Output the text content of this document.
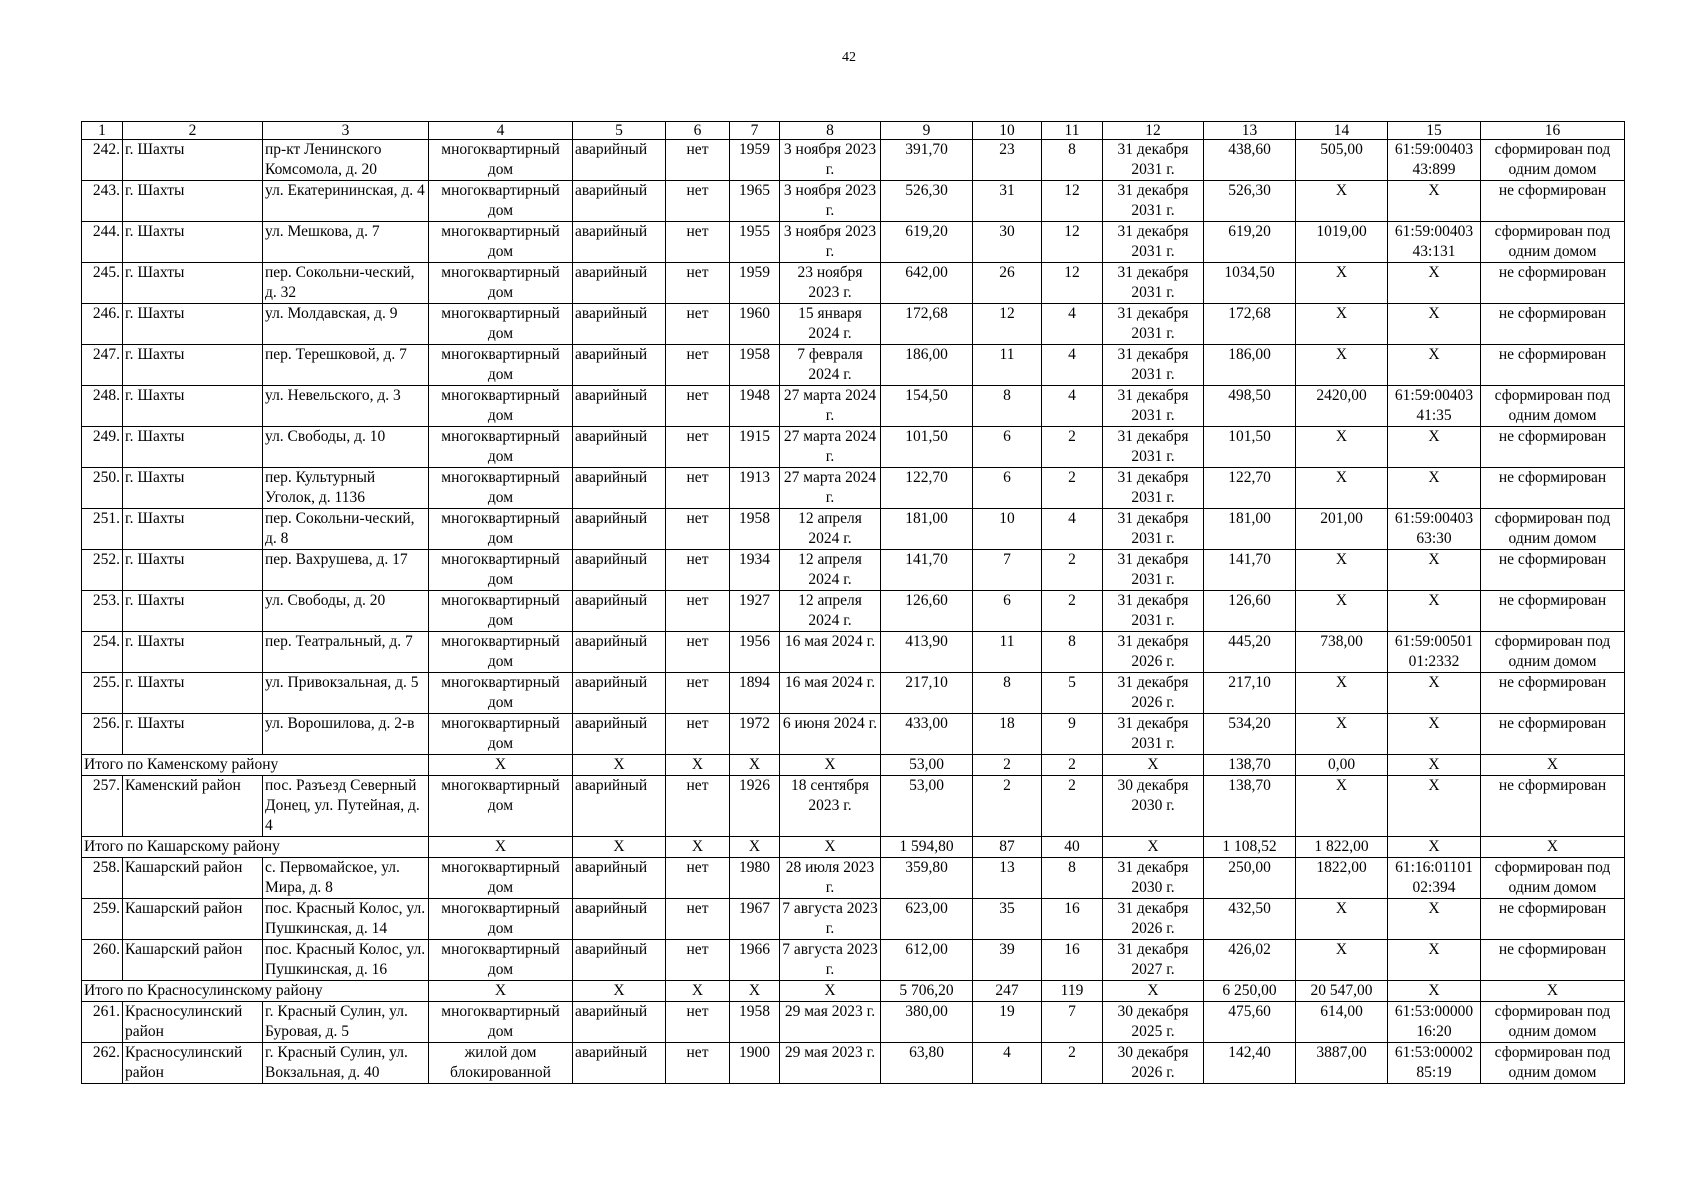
42
1	2	3	4	5	6	7	8	9	10	11	12	13	14	15	16
242.	г. Шахты	пр-кт Ленинского Комсомола, д. 20	многоквартирный дом	аварийный	нет	1959	3 ноября 2023 г.	391,70	23	8	31 декабря 2031 г.	438,60	505,00	61:59:00403 43:899	сформирован под одним домом
243.	г. Шахты	ул. Екатерининская, д. 4	многоквартирный дом	аварийный	нет	1965	3 ноября 2023 г.	526,30	31	12	31 декабря 2031 г.	526,30	X	X	не сформирован
244.	г. Шахты	ул. Мешкова, д. 7	многоквартирный дом	аварийный	нет	1955	3 ноября 2023 г.	619,20	30	12	31 декабря 2031 г.	619,20	1019,00	61:59:00403 43:131	сформирован под одним домом
245.	г. Шахты	пер. Сокольни-ческий, д. 32	многоквартирный дом	аварийный	нет	1959	23 ноября 2023 г.	642,00	26	12	31 декабря 2031 г.	1034,50	X	X	не сформирован
246.	г. Шахты	ул. Молдавская, д. 9	многоквартирный дом	аварийный	нет	1960	15 января 2024 г.	172,68	12	4	31 декабря 2031 г.	172,68	X	X	не сформирован
247.	г. Шахты	пер. Терешковой, д. 7	многоквартирный дом	аварийный	нет	1958	7 февраля 2024 г.	186,00	11	4	31 декабря 2031 г.	186,00	X	X	не сформирован
248.	г. Шахты	ул. Невельского, д. 3	многоквартирный дом	аварийный	нет	1948	27 марта 2024 г.	154,50	8	4	31 декабря 2031 г.	498,50	2420,00	61:59:00403 41:35	сформирован под одним домом
249.	г. Шахты	ул. Свободы, д. 10	многоквартирный дом	аварийный	нет	1915	27 марта 2024 г.	101,50	6	2	31 декабря 2031 г.	101,50	X	X	не сформирован
250.	г. Шахты	пер. Культурный Уголок, д. 1136	многоквартирный дом	аварийный	нет	1913	27 марта 2024 г.	122,70	6	2	31 декабря 2031 г.	122,70	X	X	не сформирован
251.	г. Шахты	пер. Сокольни-ческий, д. 8	многоквартирный дом	аварийный	нет	1958	12 апреля 2024 г.	181,00	10	4	31 декабря 2031 г.	181,00	201,00	61:59:00403 63:30	сформирован под одним домом
252.	г. Шахты	пер. Вахрушева, д. 17	многоквартирный дом	аварийный	нет	1934	12 апреля 2024 г.	141,70	7	2	31 декабря 2031 г.	141,70	X	X	не сформирован
253.	г. Шахты	ул. Свободы, д. 20	многоквартирный дом	аварийный	нет	1927	12 апреля 2024 г.	126,60	6	2	31 декабря 2031 г.	126,60	X	X	не сформирован
254.	г. Шахты	пер. Театральный, д. 7	многоквартирный дом	аварийный	нет	1956	16 мая 2024 г.	413,90	11	8	31 декабря 2026 г.	445,20	738,00	61:59:00501 01:2332	сформирован под одним домом
255.	г. Шахты	ул. Привокзальная, д. 5	многоквартирный дом	аварийный	нет	1894	16 мая 2024 г.	217,10	8	5	31 декабря 2026 г.	217,10	X	X	не сформирован
256.	г. Шахты	ул. Ворошилова, д. 2-в	многоквартирный дом	аварийный	нет	1972	6 июня 2024 г.	433,00	18	9	31 декабря 2031 г.	534,20	X	X	не сформирован
Итого по Каменскому району			X	X	X	X	X	53,00	2	2	X	138,70	0,00	X	X
257.	Каменский район	пос. Разъезд Северный Донец, ул. Путейная, д. 4	многоквартирный дом	аварийный	нет	1926	18 сентября 2023 г.	53,00	2	2	30 декабря 2030 г.	138,70	X	X	не сформирован
Итого по Кашарскому району			X	X	X	X	X	1 594,80	87	40	X	1 108,52	1 822,00	X	X
258.	Кашарский район	с. Первомайское, ул. Мира, д. 8	многоквартирный дом	аварийный	нет	1980	28 июля 2023 г.	359,80	13	8	31 декабря 2030 г.	250,00	1822,00	61:16:01101 02:394	сформирован под одним домом
259.	Кашарский район	пос. Красный Колос, ул. Пушкинская, д. 14	многоквартирный дом	аварийный	нет	1967	7 августа 2023 г.	623,00	35	16	31 декабря 2026 г.	432,50	X	X	не сформирован
260.	Кашарский район	пос. Красный Колос, ул. Пушкинская, д. 16	многоквартирный дом	аварийный	нет	1966	7 августа 2023 г.	612,00	39	16	31 декабря 2027 г.	426,02	X	X	не сформирован
Итого по Красносулинскому району			X	X	X	X	X	5 706,20	247	119	X	6 250,00	20 547,00	X	X
261.	Красносулинский район	г. Красный Сулин, ул. Буровая, д. 5	многоквартирный дом	аварийный	нет	1958	29 мая 2023 г.	380,00	19	7	30 декабря 2025 г.	475,60	614,00	61:53:00000 16:20	сформирован под одним домом
262.	Красносулинский район	г. Красный Сулин, ул. Вокзальная, д. 40	жилой дом блокированной	аварийный	нет	1900	29 мая 2023 г.	63,80	4	2	30 декабря 2026 г.	142,40	3887,00	61:53:00002 85:19	сформирован под одним домом
